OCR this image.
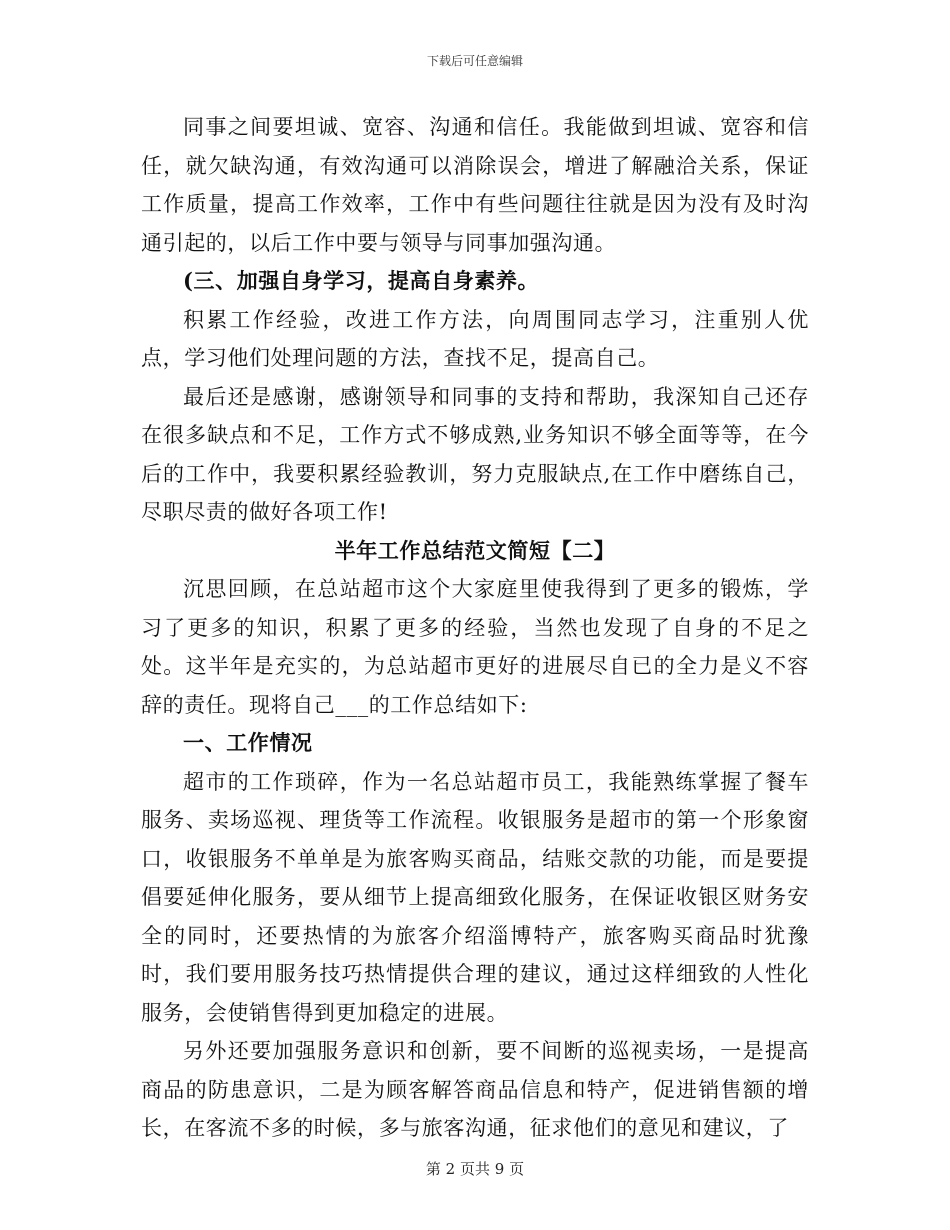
下载后可任意编辑

同事之间要坦诚、宽容、沟通和信任。我能做到坦诚、宽容和信任，就欠缺沟通，有效沟通可以消除误会，增进了解融洽关系，保证工作质量，提高工作效率，工作中有些问题往往就是因为没有及时沟通引起的，以后工作中要与领导与同事加强沟通。

(三、加强自身学习，提高自身素养。

积累工作经验，改进工作方法，向周围同志学习，注重别人优点，学习他们处理问题的方法，查找不足，提高自己。

最后还是感谢，感谢领导和同事的支持和帮助，我深知自己还存在很多缺点和不足，工作方式不够成熟,业务知识不够全面等等，在今后的工作中，我要积累经验教训，努力克服缺点,在工作中磨练自己，尽职尽责的做好各项工作!

半年工作总结范文简短【二】

沉思回顾，在总站超市这个大家庭里使我得到了更多的锻炼，学习了更多的知识，积累了更多的经验，当然也发现了自身的不足之处。这半年是充实的，为总站超市更好的进展尽自已的全力是义不容辞的责任。现将自己___的工作总结如下:

一、工作情况

超市的工作琐碎，作为一名总站超市员工，我能熟练掌握了餐车服务、卖场巡视、理货等工作流程。收银服务是超市的第一个形象窗口，收银服务不单单是为旅客购买商品，结账交款的功能，而是要提倡要延伸化服务，要从细节上提高细致化服务，在保证收银区财务安全的同时，还要热情的为旅客介绍淄博特产，旅客购买商品时犹豫时，我们要用服务技巧热情提供合理的建议，通过这样细致的人性化服务，会使销售得到更加稳定的进展。

另外还要加强服务意识和创新，要不间断的巡视卖场，一是提高商品的防患意识，二是为顾客解答商品信息和特产，促进销售额的增长，在客流不多的时候，多与旅客沟通，征求他们的意见和建议，了

第 2 页共 9 页
